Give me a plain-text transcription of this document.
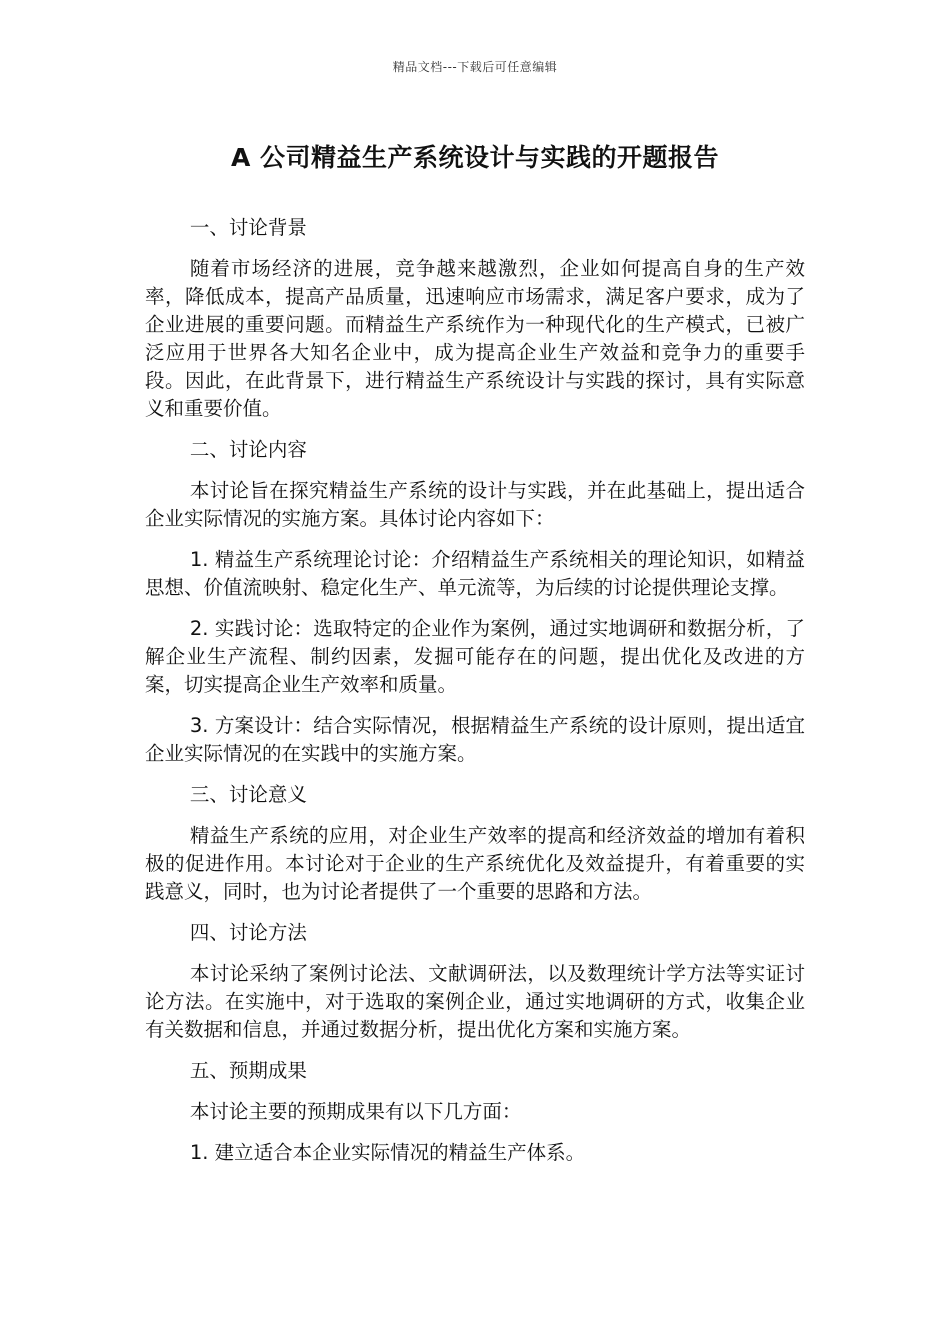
精品文档---下载后可任意编辑
A 公司精益生产系统设计与实践的开题报告

一、讨论背景

随着市场经济的进展，竞争越来越激烈，企业如何提高自身的生产效率，降低成本，提高产品质量，迅速响应市场需求，满足客户要求，成为了企业进展的重要问题。而精益生产系统作为一种现代化的生产模式，已被广泛应用于世界各大知名企业中，成为提高企业生产效益和竞争力的重要手段。因此，在此背景下，进行精益生产系统设计与实践的探讨，具有实际意义和重要价值。

二、讨论内容

本讨论旨在探究精益生产系统的设计与实践，并在此基础上，提出适合企业实际情况的实施方案。具体讨论内容如下：

1. 精益生产系统理论讨论：介绍精益生产系统相关的理论知识，如精益思想、价值流映射、稳定化生产、单元流等，为后续的讨论提供理论支撑。

2. 实践讨论：选取特定的企业作为案例，通过实地调研和数据分析，了解企业生产流程、制约因素，发掘可能存在的问题，提出优化及改进的方案，切实提高企业生产效率和质量。

3. 方案设计：结合实际情况，根据精益生产系统的设计原则，提出适宜企业实际情况的在实践中的实施方案。

三、讨论意义

精益生产系统的应用，对企业生产效率的提高和经济效益的增加有着积极的促进作用。本讨论对于企业的生产系统优化及效益提升，有着重要的实践意义，同时，也为讨论者提供了一个重要的思路和方法。

四、讨论方法

本讨论采纳了案例讨论法、文献调研法，以及数理统计学方法等实证讨论方法。在实施中，对于选取的案例企业，通过实地调研的方式，收集企业有关数据和信息，并通过数据分析，提出优化方案和实施方案。

五、预期成果

本讨论主要的预期成果有以下几方面：

1. 建立适合本企业实际情况的精益生产体系。
